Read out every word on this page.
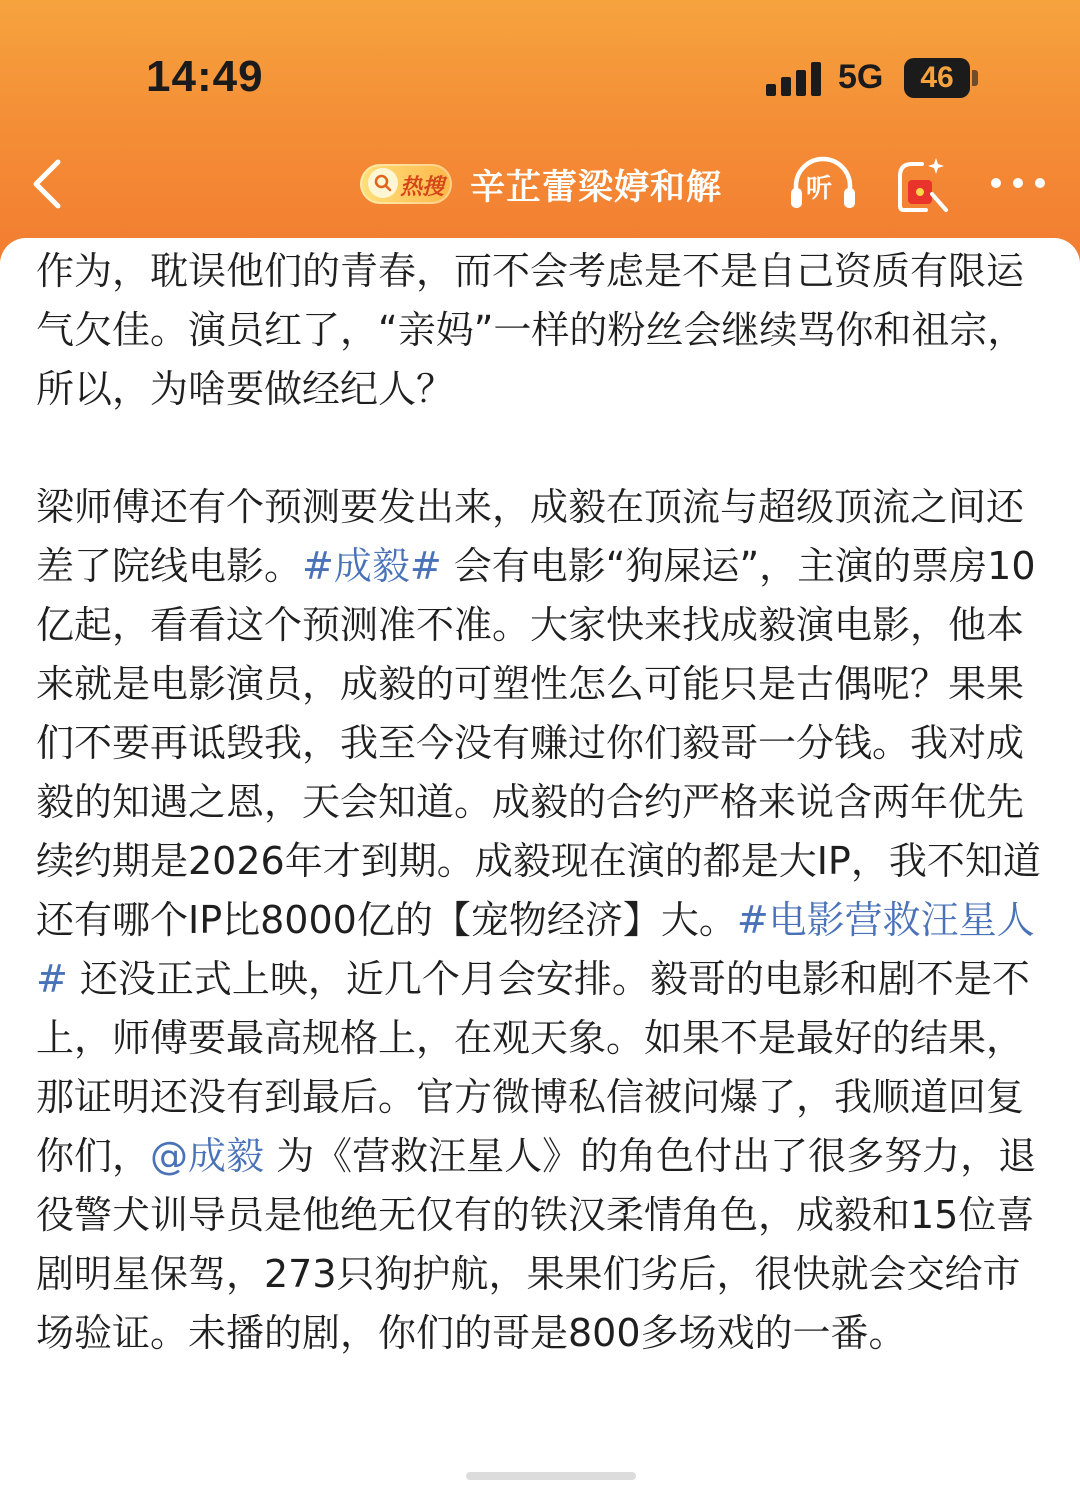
14:49	5G	46
热搜 辛芷蕾梁婷和解	听

作为，耽误他们的青春，而不会考虑是不是自己资质有限运气欠佳。演员红了，“亲妈”一样的粉丝会继续骂你和祖宗，所以，为啥要做经纪人？

梁师傅还有个预测要发出来，成毅在顶流与超级顶流之间还差了院线电影。#成毅# 会有电影“狗屎运”，主演的票房10亿起，看看这个预测准不准。大家快来找成毅演电影，他本来就是电影演员，成毅的可塑性怎么可能只是古偶呢？果果们不要再诋毁我，我至今没有赚过你们毅哥一分钱。我对成毅的知遇之恩，天会知道。成毅的合约严格来说含两年优先续约期是2026年才到期。成毅现在演的都是大IP，我不知道还有哪个IP比8000亿的【宠物经济】大。#电影营救汪星人# 还没正式上映，近几个月会安排。毅哥的电影和剧不是不上，师傅要最高规格上，在观天象。如果不是最好的结果，那证明还没有到最后。官方微博私信被问爆了，我顺道回复你们，@成毅 为《营救汪星人》的角色付出了很多努力，退役警犬训导员是他绝无仅有的铁汉柔情角色，成毅和15位喜剧明星保驾，273只狗护航，果果们劣后，很快就会交给市场验证。未播的剧，你们的哥是800多场戏的一番。
